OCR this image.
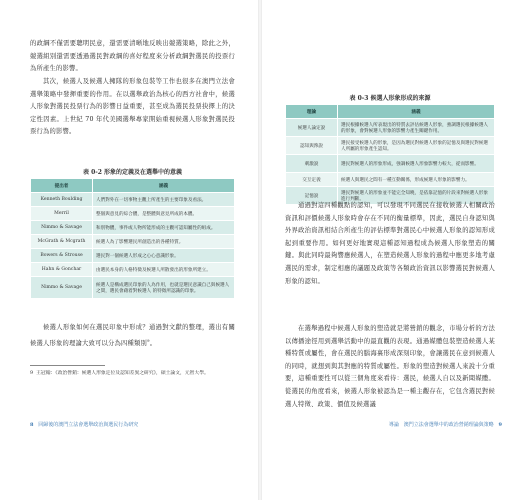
的政綱不僅需要聰明民意，還需要清晰地反映出競選策略，除此之外，競選組別還需要透過選民對政綱的喜好程度來分析政綱對選民的投票行為所產生的影響。

其次，候選人及候選人擁隊的形象包裝等工作也很多在澳門立法會選舉策略中發揮重要的作用。在以選舉政治為核心的西方社會中，候選人形象對選民投票行為的影響日益重要，甚至成為選民投票抉擇上的決定性因素。上世紀 70 年代美國選舉專家開始重視候選人形象對選民投票行為的影響。

表 0-2 形象的定義及在選舉中的意義

提出者	涵義
Kenneth Boulding	人們對外在一切事物主觀上所產生的主要印象及看法。
Merril	整個與意見的綜合體，是整體與意見所成的本體。
Nimmo & Savage	和別物體，事件或人物所能形成的主觀可認知屬性的組成。
McGrath & Mcgrath	候選人為了影響選民所創造出的各種特質。
Bowers & Strouse	選民對一個候選人形成之心心意識形象。
Hahn & Gonchar	由選民本身的人格特徵及候選人所散發出的形象所建立。
Nimmo & Savage	候選人是構成選民印象的人為作用，也就是選民意識自己與候選人之間，選民會藉着對候選人 的特徵所認識的印象。

候選人形象如何在選民印象中形成？通過對文獻的整理，選出有關候選人形象的理論大致可以分為四種類別$^9$。

9 王冠翰：《政治營銷：候選人形象定位及認知差異之研究》，碩士論文，元智大學。

8 回歸後的澳門立法會選舉政治與選民行為研究

表 0-3 候選人形象形成的來源

理論	涵義
候選人論定說	選民根據候選人所表現出的特質去評估候選人形象，強調選民根據候選人的形象，會對候選人形象的影響力產生關鍵作用。
認知與滲說	選民接受候選人的形象，是因為選民對候選人形象的記憶及與選民對候選人所屬的形象產生認知。
刺激說	選民對候選人的形象形成，強調候選人形象影響力較大，從而影響。
交互定義	候選人與選民之間有一種互動關係，形成候選人形象的影響力。
記憶說	選民對候選人的形象並不能完全知曉，是依靠記憶的片段來對候選人形象進行判斷。

通過對這四種觀點的認知，可以發現不同選民在接收候選人相關政治資訊和評價候選人形象時會存在不同的衡量標準，因此，選民自身認知與外界政治資訊相結合所產生的評估標準對選民心中候選人形象的認知形成起到重要作用。如何更好地實現這種認知過程成為候選人形象塑造的關鍵。與此同時最夠響應候選人，在塑造候選人形象的過程中應更多地考慮選民的需求，制定相應的議題及政策等各類政治資訊以影響選民對候選人形象的認知。

在選舉過程中候選人形象的塑造就是將營銷的觀念，市場分析的方法以傳播途徑用到選舉活動中的最直觀的表現。通過媒體包裝塑造候選人某種特質或屬性，會在選民的腦海裏形成深刻印象，會讓選民在意到候選人的同時，就想到與其對應的特質或屬性。形象的塑造對候選人來說十分重要，這種重要性可以從三個角度來看待：選民，候選人自以及新聞媒體。從選民的角度看來，候選人形象被認為是一種主觀存在，它包含選民對候選人特徵、政策、價值及候選議

導論 澳門立法會選舉中的政治營銷理論與策略 9
